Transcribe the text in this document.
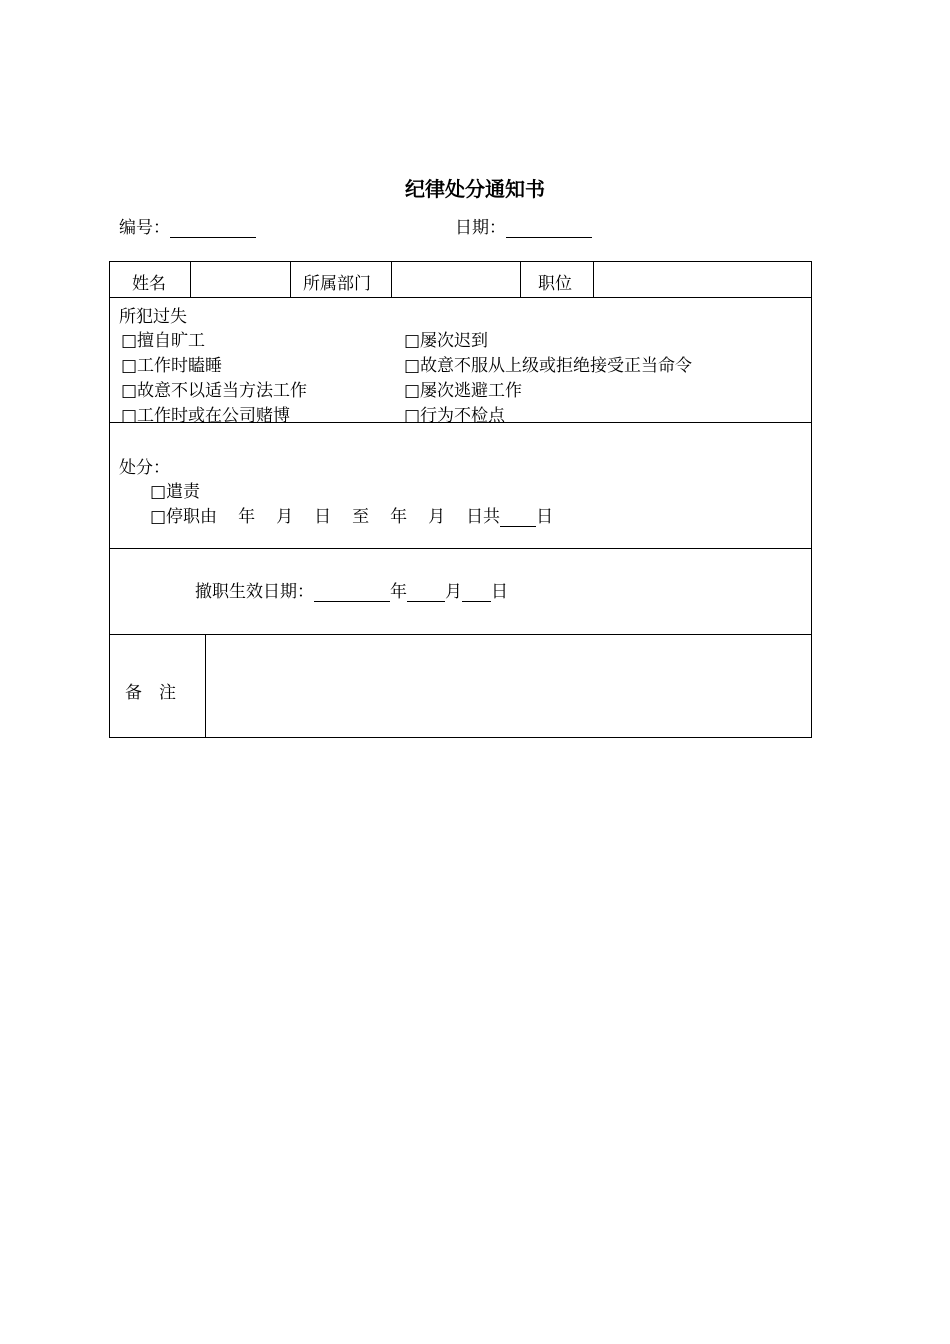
纪律处分通知书
编号：	日期：
姓名	所属部门	职位
所犯过失
□擅自旷工
□工作时瞌睡
□故意不以适当方法工作
□工作时或在公司赌博
□屡次迟到
□故意不服从上级或拒绝接受正当命令
□屡次逃避工作
□行为不检点
处分：
□遣责
□停职由 年 月 日 至 年 月 日共 日
撤职生效日期：	年 月 日
备　注
